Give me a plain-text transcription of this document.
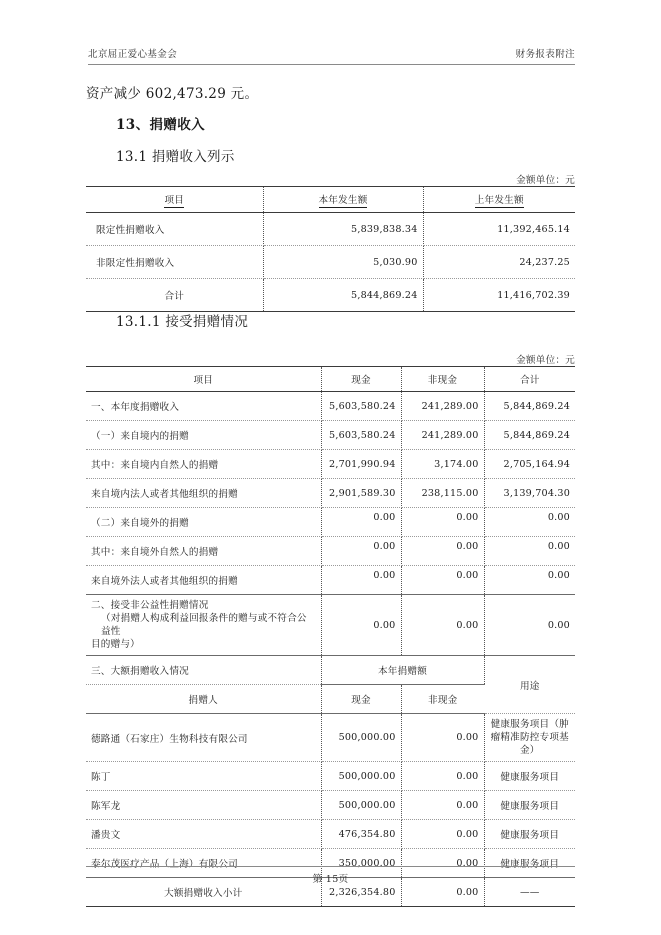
北京屈正爱心基金会	财务报表附注
资产减少 602,473.29 元。
13、捐赠收入
13.1 捐赠收入列示
13.1.1 接受捐赠情况
金额单位：元
金额单位：元
项目	本年发生额	上年发生额
限定性捐赠收入	5,839,838.34	11,392,465.14
非限定性捐赠收入	5,030.90	24,237.25
合计	5,844,869.24	11,416,702.39
项目	现金	非现金	合计
一、本年度捐赠收入	5,603,580.24	241,289.00	5,844,869.24
（一）来自境内的捐赠	5,603,580.24	241,289.00	5,844,869.24
其中：来自境内自然人的捐赠	2,701,990.94	3,174.00	2,705,164.94
来自境内法人或者其他组织的捐赠	2,901,589.30	238,115.00	3,139,704.30
（二）来自境外的捐赠	0.00	0.00	0.00
其中：来自境外自然人的捐赠	0.00	0.00	0.00
来自境外法人或者其他组织的捐赠	0.00	0.00	0.00

二、接受非公益性捐赠情况
（对捐赠人构成利益回报条件的赠与或不符合公益性
目的赠与）	0.00	0.00	0.00
三、大额捐赠收入情况	本年捐赠额		用途
捐赠人	现金	非现金	
德路通（石家庄）生物科技有限公司	500,000.00	0.00	健康服务项目（肿瘤精准防控专项基金）
陈丁	500,000.00	0.00	健康服务项目
陈军龙	500,000.00	0.00	健康服务项目
潘贵文	476,354.80	0.00	健康服务项目
泰尔茂医疗产品（上海）有限公司	350,000.00	0.00	健康服务项目
大额捐赠收入小计	2,326,354.80	0.00	——
第 15页
